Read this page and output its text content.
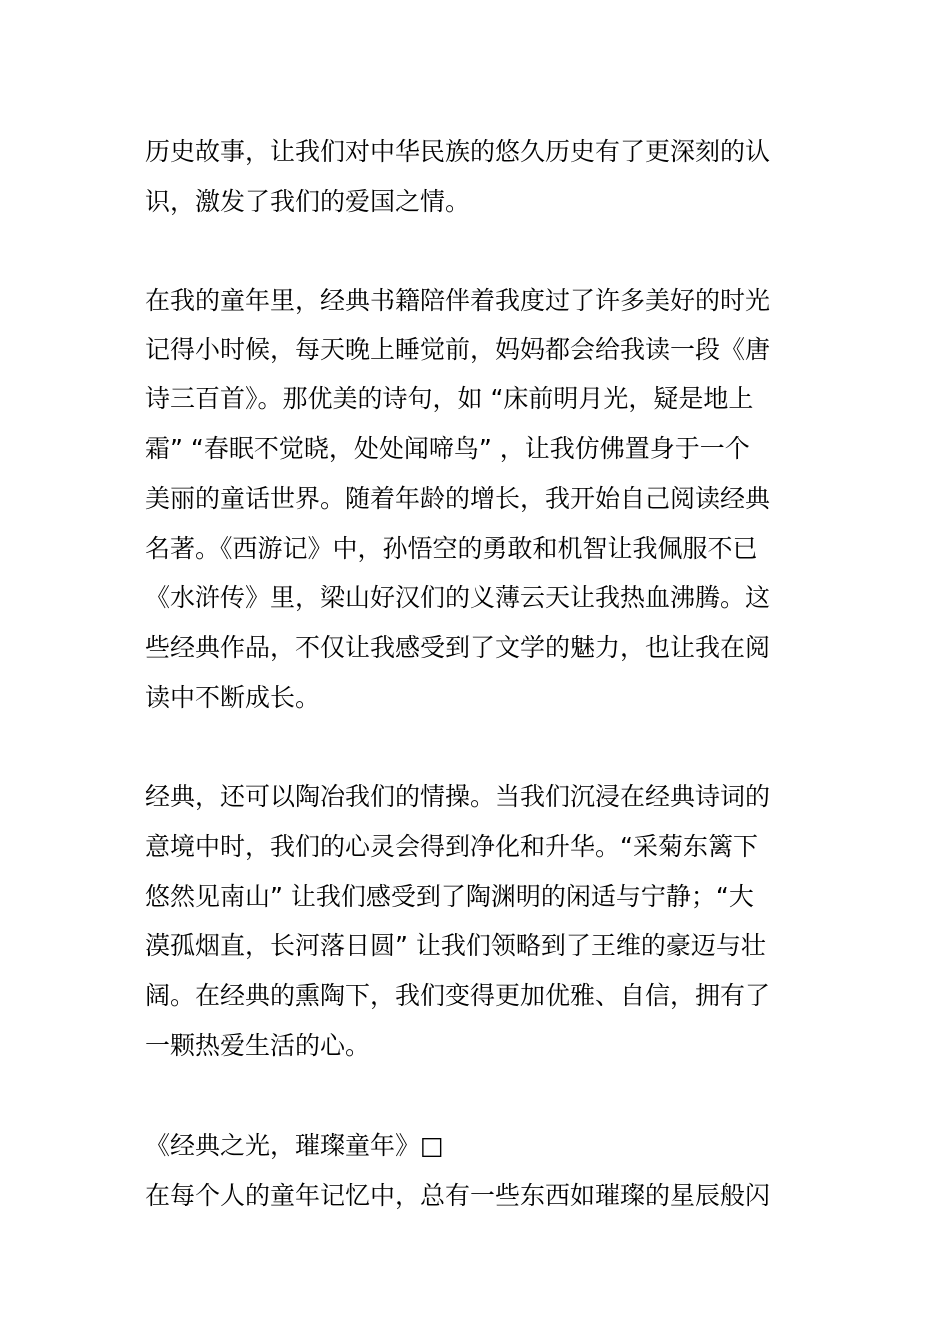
历史故事，让我们对中华民族的悠久历史有了更深刻的认
识，激发了我们的爱国之情。
在我的童年里，经典书籍陪伴着我度过了许多美好的时光
记得小时候，每天晚上睡觉前，妈妈都会给我读一段《唐
诗三百首》。那优美的诗句，如 “床前明月光，疑是地上
霜” “春眠不觉晓，处处闻啼鸟” ，让我仿佛置身于一个
美丽的童话世界。随着年龄的增长，我开始自己阅读经典
名著。《西游记》中，孙悟空的勇敢和机智让我佩服不已
《水浒传》里，梁山好汉们的义薄云天让我热血沸腾。这
些经典作品，不仅让我感受到了文学的魅力，也让我在阅
读中不断成长。
经典，还可以陶冶我们的情操。当我们沉浸在经典诗词的
意境中时，我们的心灵会得到净化和升华。“采菊东篱下
悠然见南山” 让我们感受到了陶渊明的闲适与宁静；“大
漠孤烟直，长河落日圆” 让我们领略到了王维的豪迈与壮
阔。在经典的熏陶下，我们变得更加优雅、自信，拥有了
一颗热爱生活的心。
《经典之光，璀璨童年》□
在每个人的童年记忆中，总有一些东西如璀璨的星辰般闪
